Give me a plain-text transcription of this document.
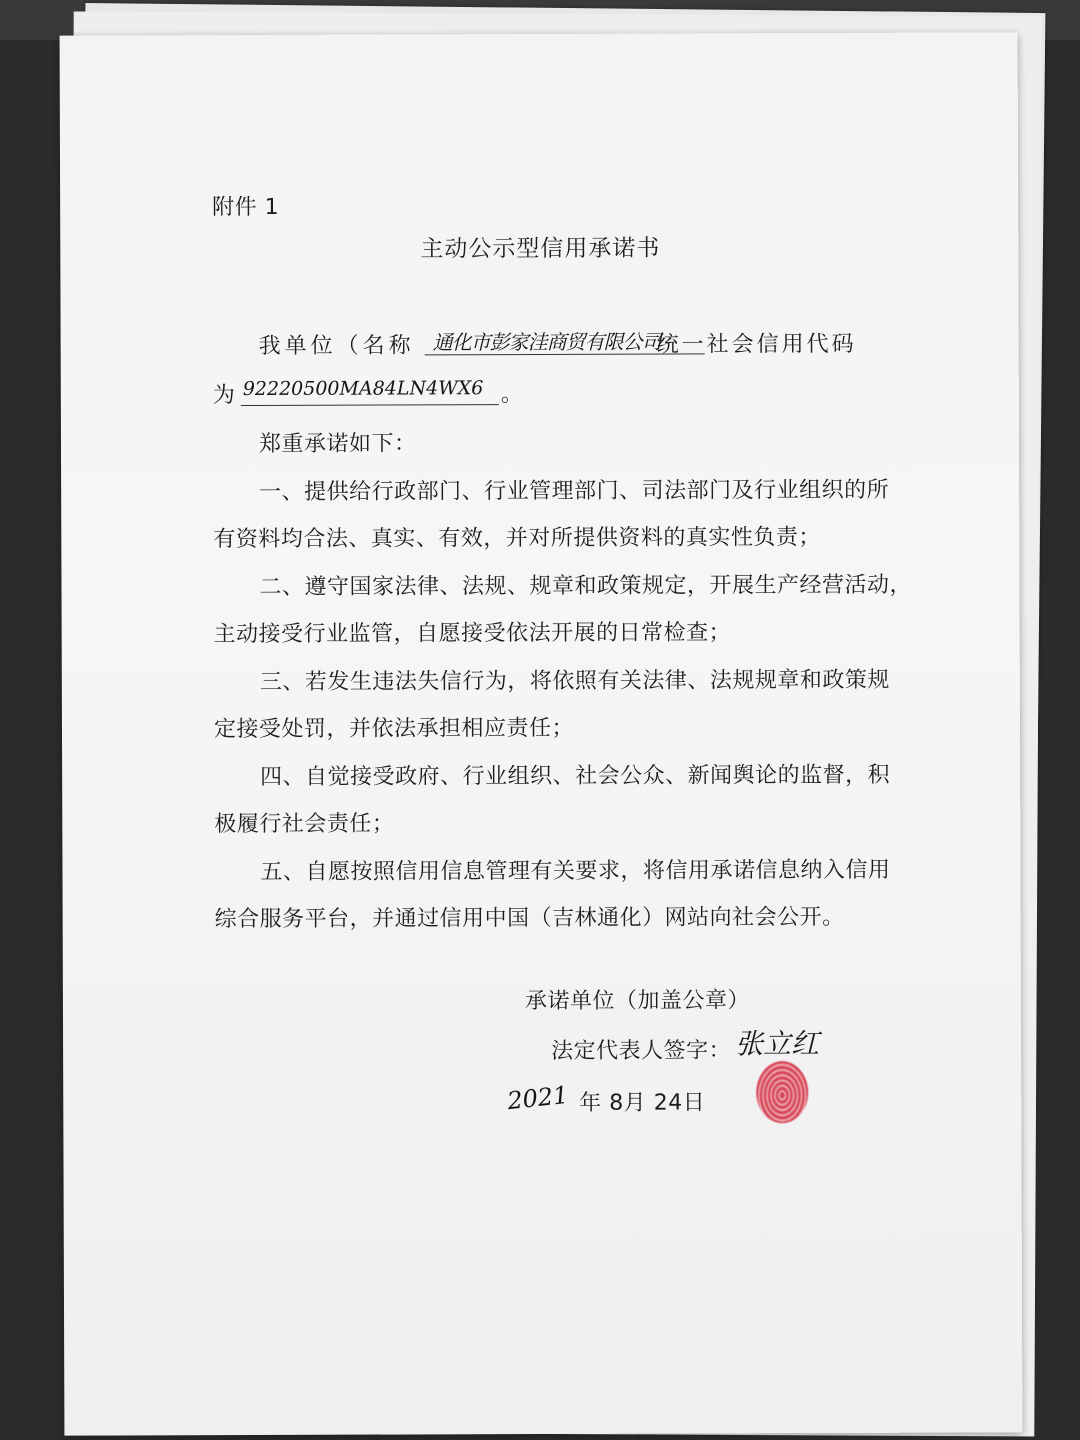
附件 1
主动公示型信用承诺书
我单位（名称 通化市彭家洼商贸有限公司
统一社会信用代码
为 92220500MA84LN4WX6 。
郑重承诺如下：
一、提供给行政部门、行业管理部门、司法部门及行业组织的所
有资料均合法、真实、有效，并对所提供资料的真实性负责；
二、遵守国家法律、法规、规章和政策规定，开展生产经营活动，
主动接受行业监管，自愿接受依法开展的日常检查；
三、若发生违法失信行为，将依照有关法律、法规规章和政策规
定接受处罚，并依法承担相应责任；
四、自觉接受政府、行业组织、社会公众、新闻舆论的监督，积
极履行社会责任；
五、自愿按照信用信息管理有关要求，将信用承诺信息纳入信用
综合服务平台，并通过信用中国（吉林通化）网站向社会公开。
承诺单位（加盖公章）
法定代表人签字： 张立红
2021 年 8月 24日
